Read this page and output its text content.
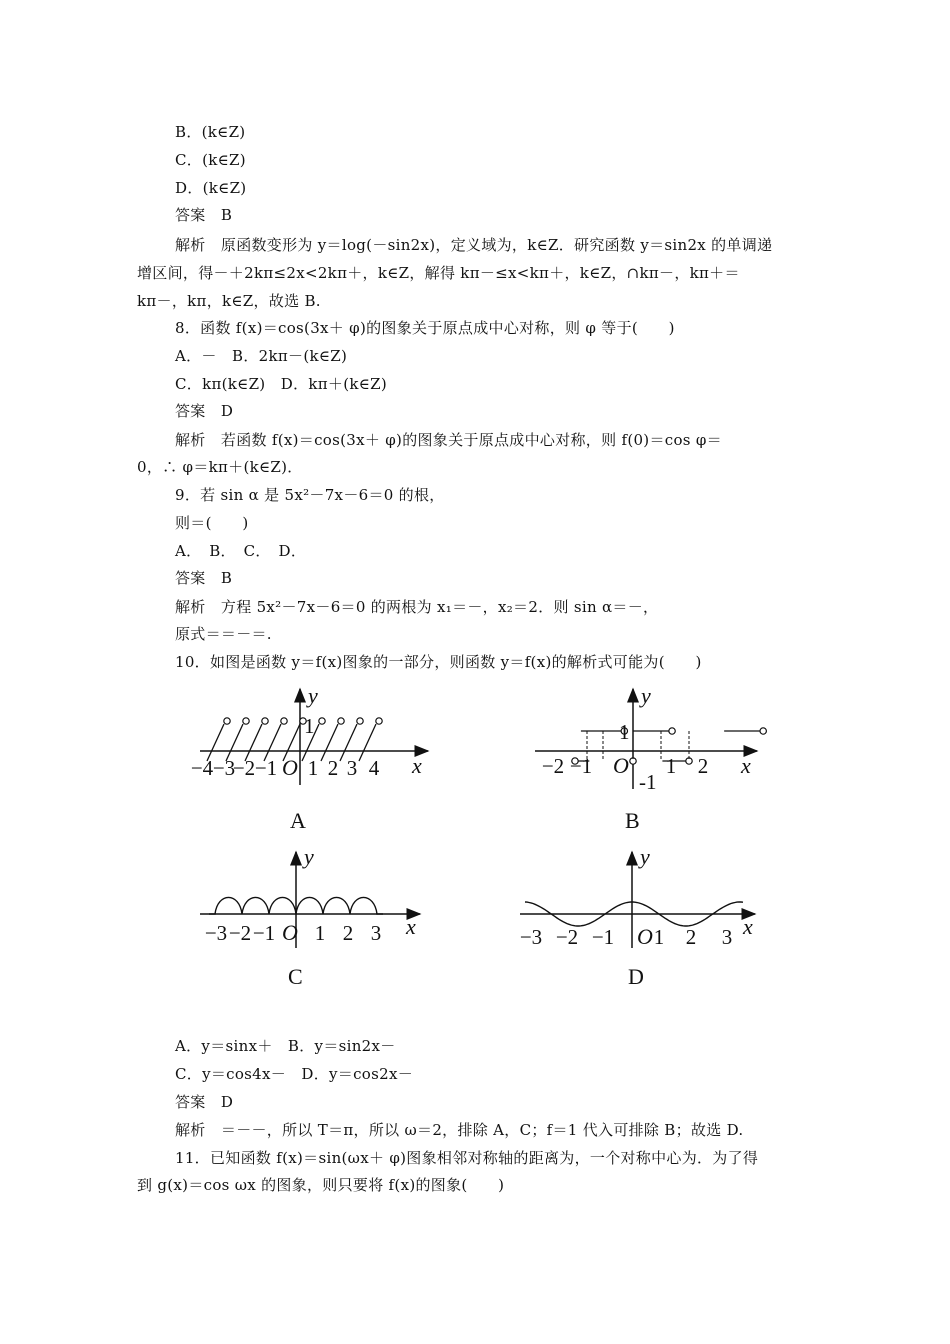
B．(k∈Z)
C．(k∈Z)
D．(k∈Z)
答案　B
解析　原函数变形为 y＝log(－sin2x)，定义域为，k∈Z．研究函数 y＝sin2x 的单调递
增区间，得－＋2kπ≤2x<2kπ＋，k∈Z，解得 kπ－≤x<kπ＋，k∈Z，∩kπ－，kπ＋＝
kπ－，kπ，k∈Z，故选 B.
8．函数 f(x)＝cos(3x＋ φ)的图象关于原点成中心对称，则 φ 等于(　　)
A．－　B．2kπ－(k∈Z)
C．kπ(k∈Z)　D．kπ＋(k∈Z)
答案　D
解析　若函数 f(x)＝cos(3x＋ φ)的图象关于原点成中心对称，则 f(0)＝cos φ＝
0，∴ φ＝kπ＋(k∈Z)．
9．若 sin α 是 5x²－7x－6＝0 的根，
则＝(　　)
A．　B．　C．　D．
答案　B
解析　方程 5x²－7x－6＝0 的两根为 x₁＝－，x₂＝2．则 sin α＝－，
原式＝＝－＝.
10．如图是函数 y＝f(x)图象的一部分，则函数 y＝f(x)的解析式可能为(　　)
A．y＝sinx＋　B．y＝sin2x－
C．y＝cos4x－　D．y＝cos2x－
答案　D
解析　＝－－，所以 T＝π，所以 ω＝2，排除 A，C；f＝1 代入可排除 B；故选 D.
11．已知函数 f(x)＝sin(ωx＋ φ)图象相邻对称轴的距离为，一个对称中心为．为了得
到 g(x)＝cos ωx 的图象，则只要将 f(x)的图象(　　)
y
x
1
−4 −3
−2 −1 O 1 2 3 4
A
y
x
1
-1
−2 −1 O 1 2
B
y
x
−3 −2 −1 O 1 2 3
C
y
x
−3 −2 −1 O 1 2 3
D
